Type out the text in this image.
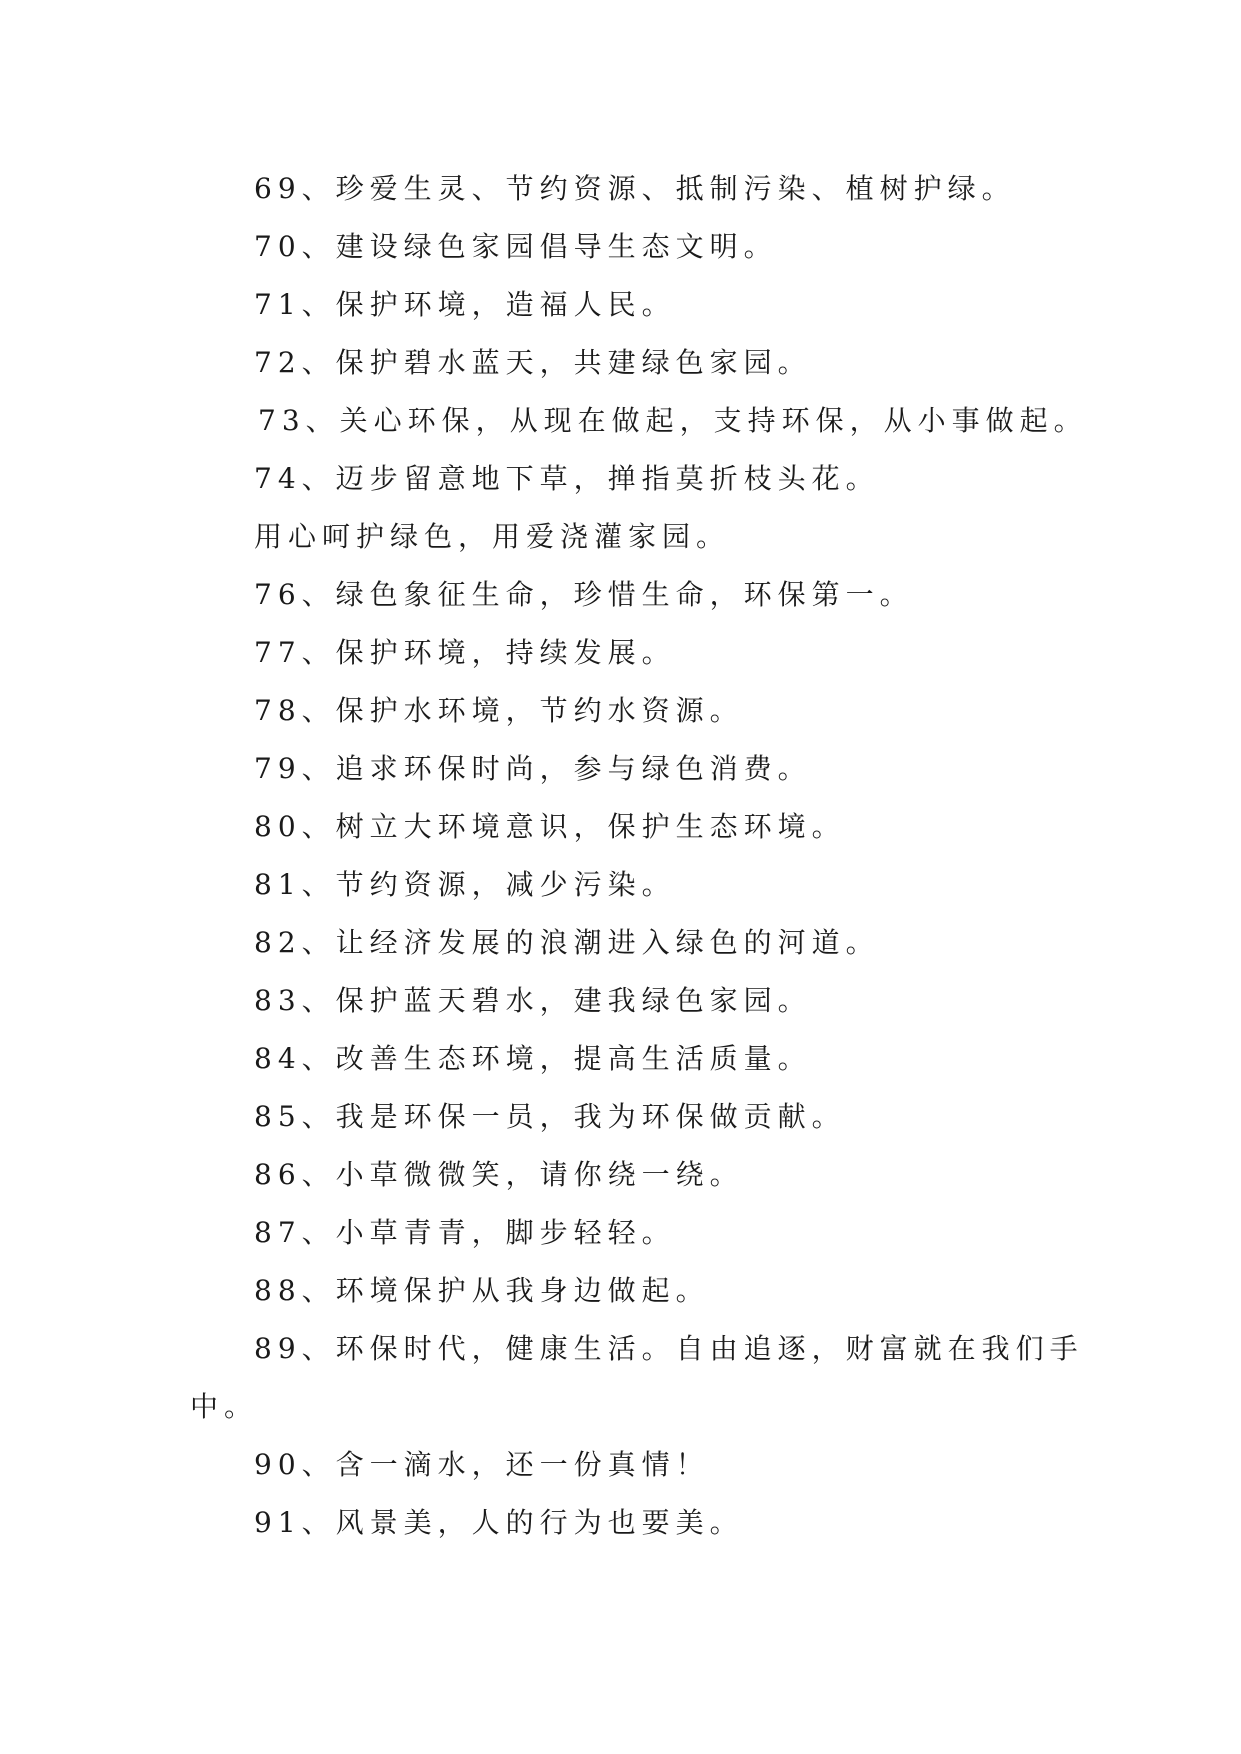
69、珍爱生灵、节约资源、抵制污染、植树护绿。
70、建设绿色家园倡导生态文明。
71、保护环境，造福人民。
72、保护碧水蓝天，共建绿色家园。
73、关心环保，从现在做起，支持环保，从小事做起。
74、迈步留意地下草，掸指莫折枝头花。
用心呵护绿色，用爱浇灌家园。
76、绿色象征生命，珍惜生命，环保第一。
77、保护环境，持续发展。
78、保护水环境，节约水资源。
79、追求环保时尚，参与绿色消费。
80、树立大环境意识，保护生态环境。
81、节约资源，减少污染。
82、让经济发展的浪潮进入绿色的河道。
83、保护蓝天碧水，建我绿色家园。
84、改善生态环境，提高生活质量。
85、我是环保一员，我为环保做贡献。
86、小草微微笑，请你绕一绕。
87、小草青青，脚步轻轻。
88、环境保护从我身边做起。
89、环保时代，健康生活。自由追逐，财富就在我们手
中。
90、含一滴水，还一份真情！
91、风景美，人的行为也要美。
